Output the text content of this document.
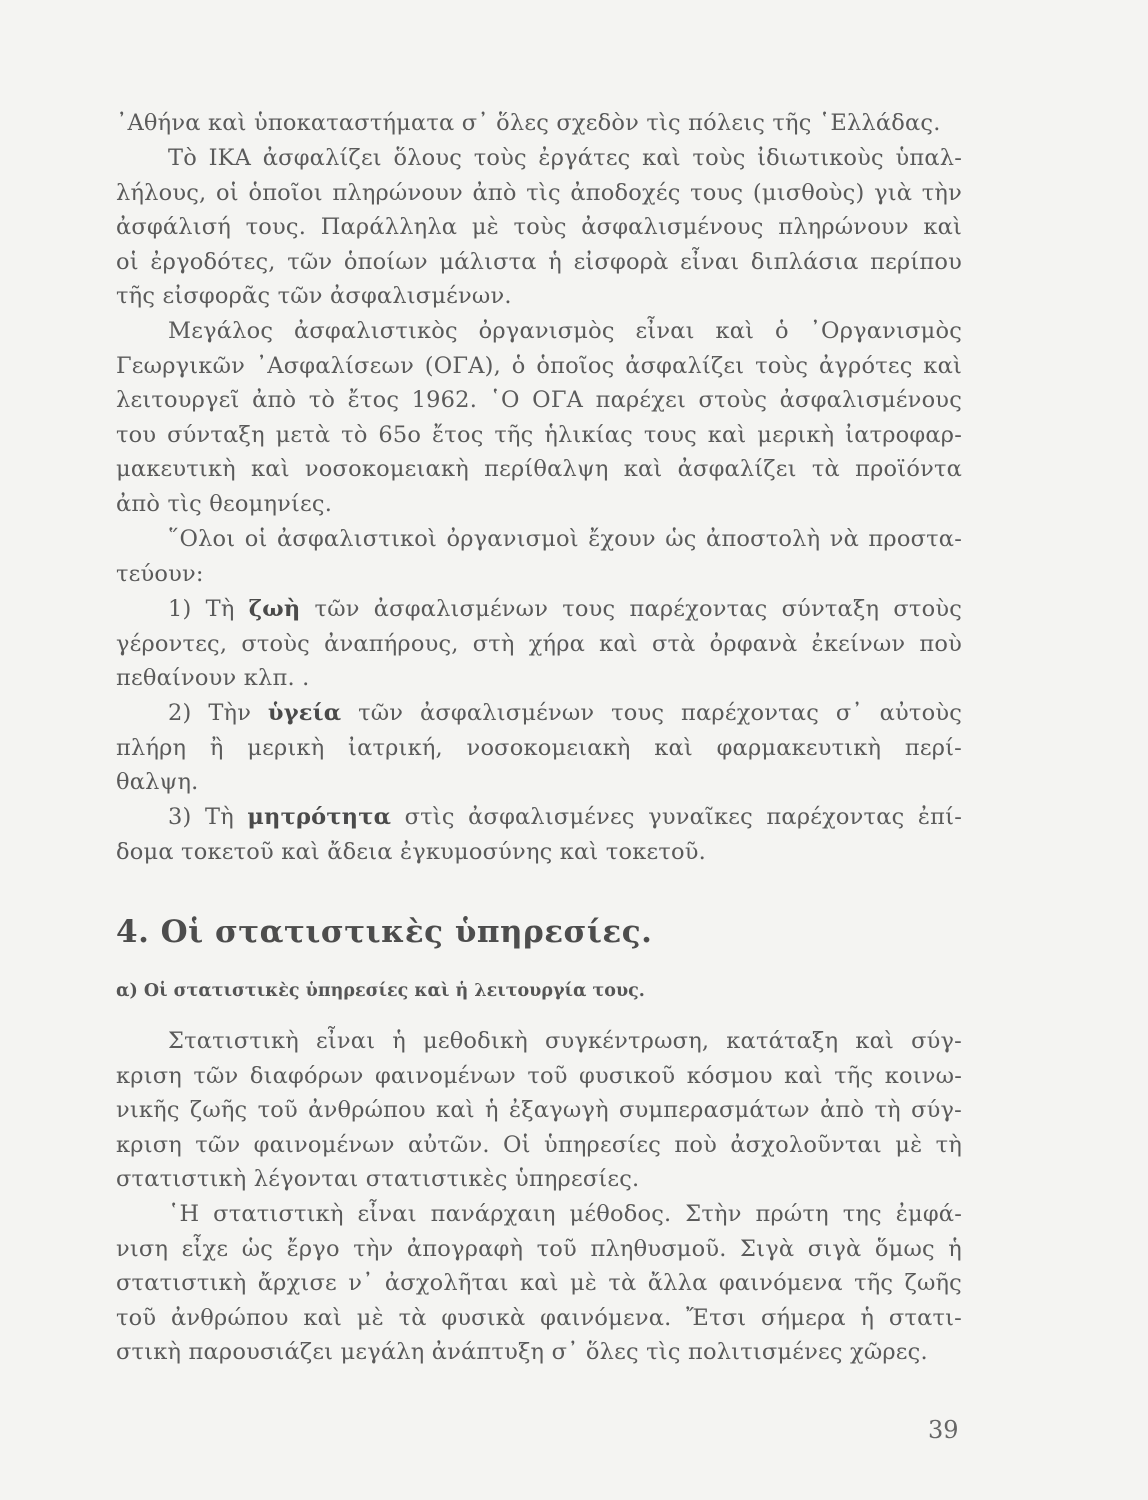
᾿Αθήνα καὶ ὑποκαταστήματα σ᾿ ὅλες σχεδὸν τὶς πόλεις τῆς ῾Ελλάδας.

Τὸ ΙΚΑ ἀσφαλίζει ὅλους τοὺς ἐργάτες καὶ τοὺς ἰδιωτικοὺς ὑπαλ-
λήλους, οἱ ὁποῖοι πληρώνουν ἀπὸ τὶς ἀποδοχές τους (μισθοὺς) γιὰ τὴν
ἀσφάλισή τους. Παράλληλα μὲ τοὺς ἀσφαλισμένους πληρώνουν καὶ
οἱ ἐργοδότες, τῶν ὁποίων μάλιστα ἡ εἰσφορὰ εἶναι διπλάσια περίπου
τῆς εἰσφορᾶς τῶν ἀσφαλισμένων.

Μεγάλος ἀσφαλιστικὸς ὀργανισμὸς εἶναι καὶ ὁ ᾿Οργανισμὸς
Γεωργικῶν ᾿Ασφαλίσεων (ΟΓΑ), ὁ ὁποῖος ἀσφαλίζει τοὺς ἀγρότες καὶ
λειτουργεῖ ἀπὸ τὸ ἔτος 1962. ῾Ο ΟΓΑ παρέχει στοὺς ἀσφαλισμένους
του σύνταξη μετὰ τὸ 65ο ἔτος τῆς ἡλικίας τους καὶ μερικὴ ἰατροφαρ-
μακευτικὴ καὶ νοσοκομειακὴ περίθαλψη καὶ ἀσφαλίζει τὰ προϊόντα
ἀπὸ τὶς θεομηνίες.

῞Ολοι οἱ ἀσφαλιστικοὶ ὀργανισμοὶ ἔχουν ὡς ἀποστολὴ νὰ προστα-
τεύουν:

1) Τὴ ζωὴ τῶν ἀσφαλισμένων τους παρέχοντας σύνταξη στοὺς
γέροντες, στοὺς ἀναπήρους, στὴ χήρα καὶ στὰ ὀρφανὰ ἐκείνων ποὺ
πεθαίνουν κλπ. .

2) Τὴν ὑγεία τῶν ἀσφαλισμένων τους παρέχοντας σ᾿ αὐτοὺς
πλήρη ἢ μερικὴ ἰατρική, νοσοκομειακὴ καὶ φαρμακευτικὴ περί-
θαλψη.

3) Τὴ μητρότητα στὶς ἀσφαλισμένες γυναῖκες παρέχοντας ἐπί-
δομα τοκετοῦ καὶ ἄδεια ἐγκυμοσύνης καὶ τοκετοῦ.

4. Οἱ στατιστικὲς ὑπηρεσίες.
α) Οἱ στατιστικὲς ὑπηρεσίες καὶ ἡ λειτουργία τους.

Στατιστικὴ εἶναι ἡ μεθοδικὴ συγκέντρωση, κατάταξη καὶ σύγ-
κριση τῶν διαφόρων φαινομένων τοῦ φυσικοῦ κόσμου καὶ τῆς κοινω-
νικῆς ζωῆς τοῦ ἀνθρώπου καὶ ἡ ἐξαγωγὴ συμπερασμάτων ἀπὸ τὴ σύγ-
κριση τῶν φαινομένων αὐτῶν. Οἱ ὑπηρεσίες ποὺ ἀσχολοῦνται μὲ τὴ
στατιστικὴ λέγονται στατιστικὲς ὑπηρεσίες.

῾Η στατιστικὴ εἶναι πανάρχαιη μέθοδος. Στὴν πρώτη της ἐμφά-
νιση εἶχε ὡς ἔργο τὴν ἀπογραφὴ τοῦ πληθυσμοῦ. Σιγὰ σιγὰ ὅμως ἡ
στατιστικὴ ἄρχισε ν᾿ ἀσχολῆται καὶ μὲ τὰ ἄλλα φαινόμενα τῆς ζωῆς
τοῦ ἀνθρώπου καὶ μὲ τὰ φυσικὰ φαινόμενα. Ἔτσι σήμερα ἡ στατι-
στικὴ παρουσιάζει μεγάλη ἀνάπτυξη σ᾿ ὅλες τὶς πολιτισμένες χῶρες.

39
